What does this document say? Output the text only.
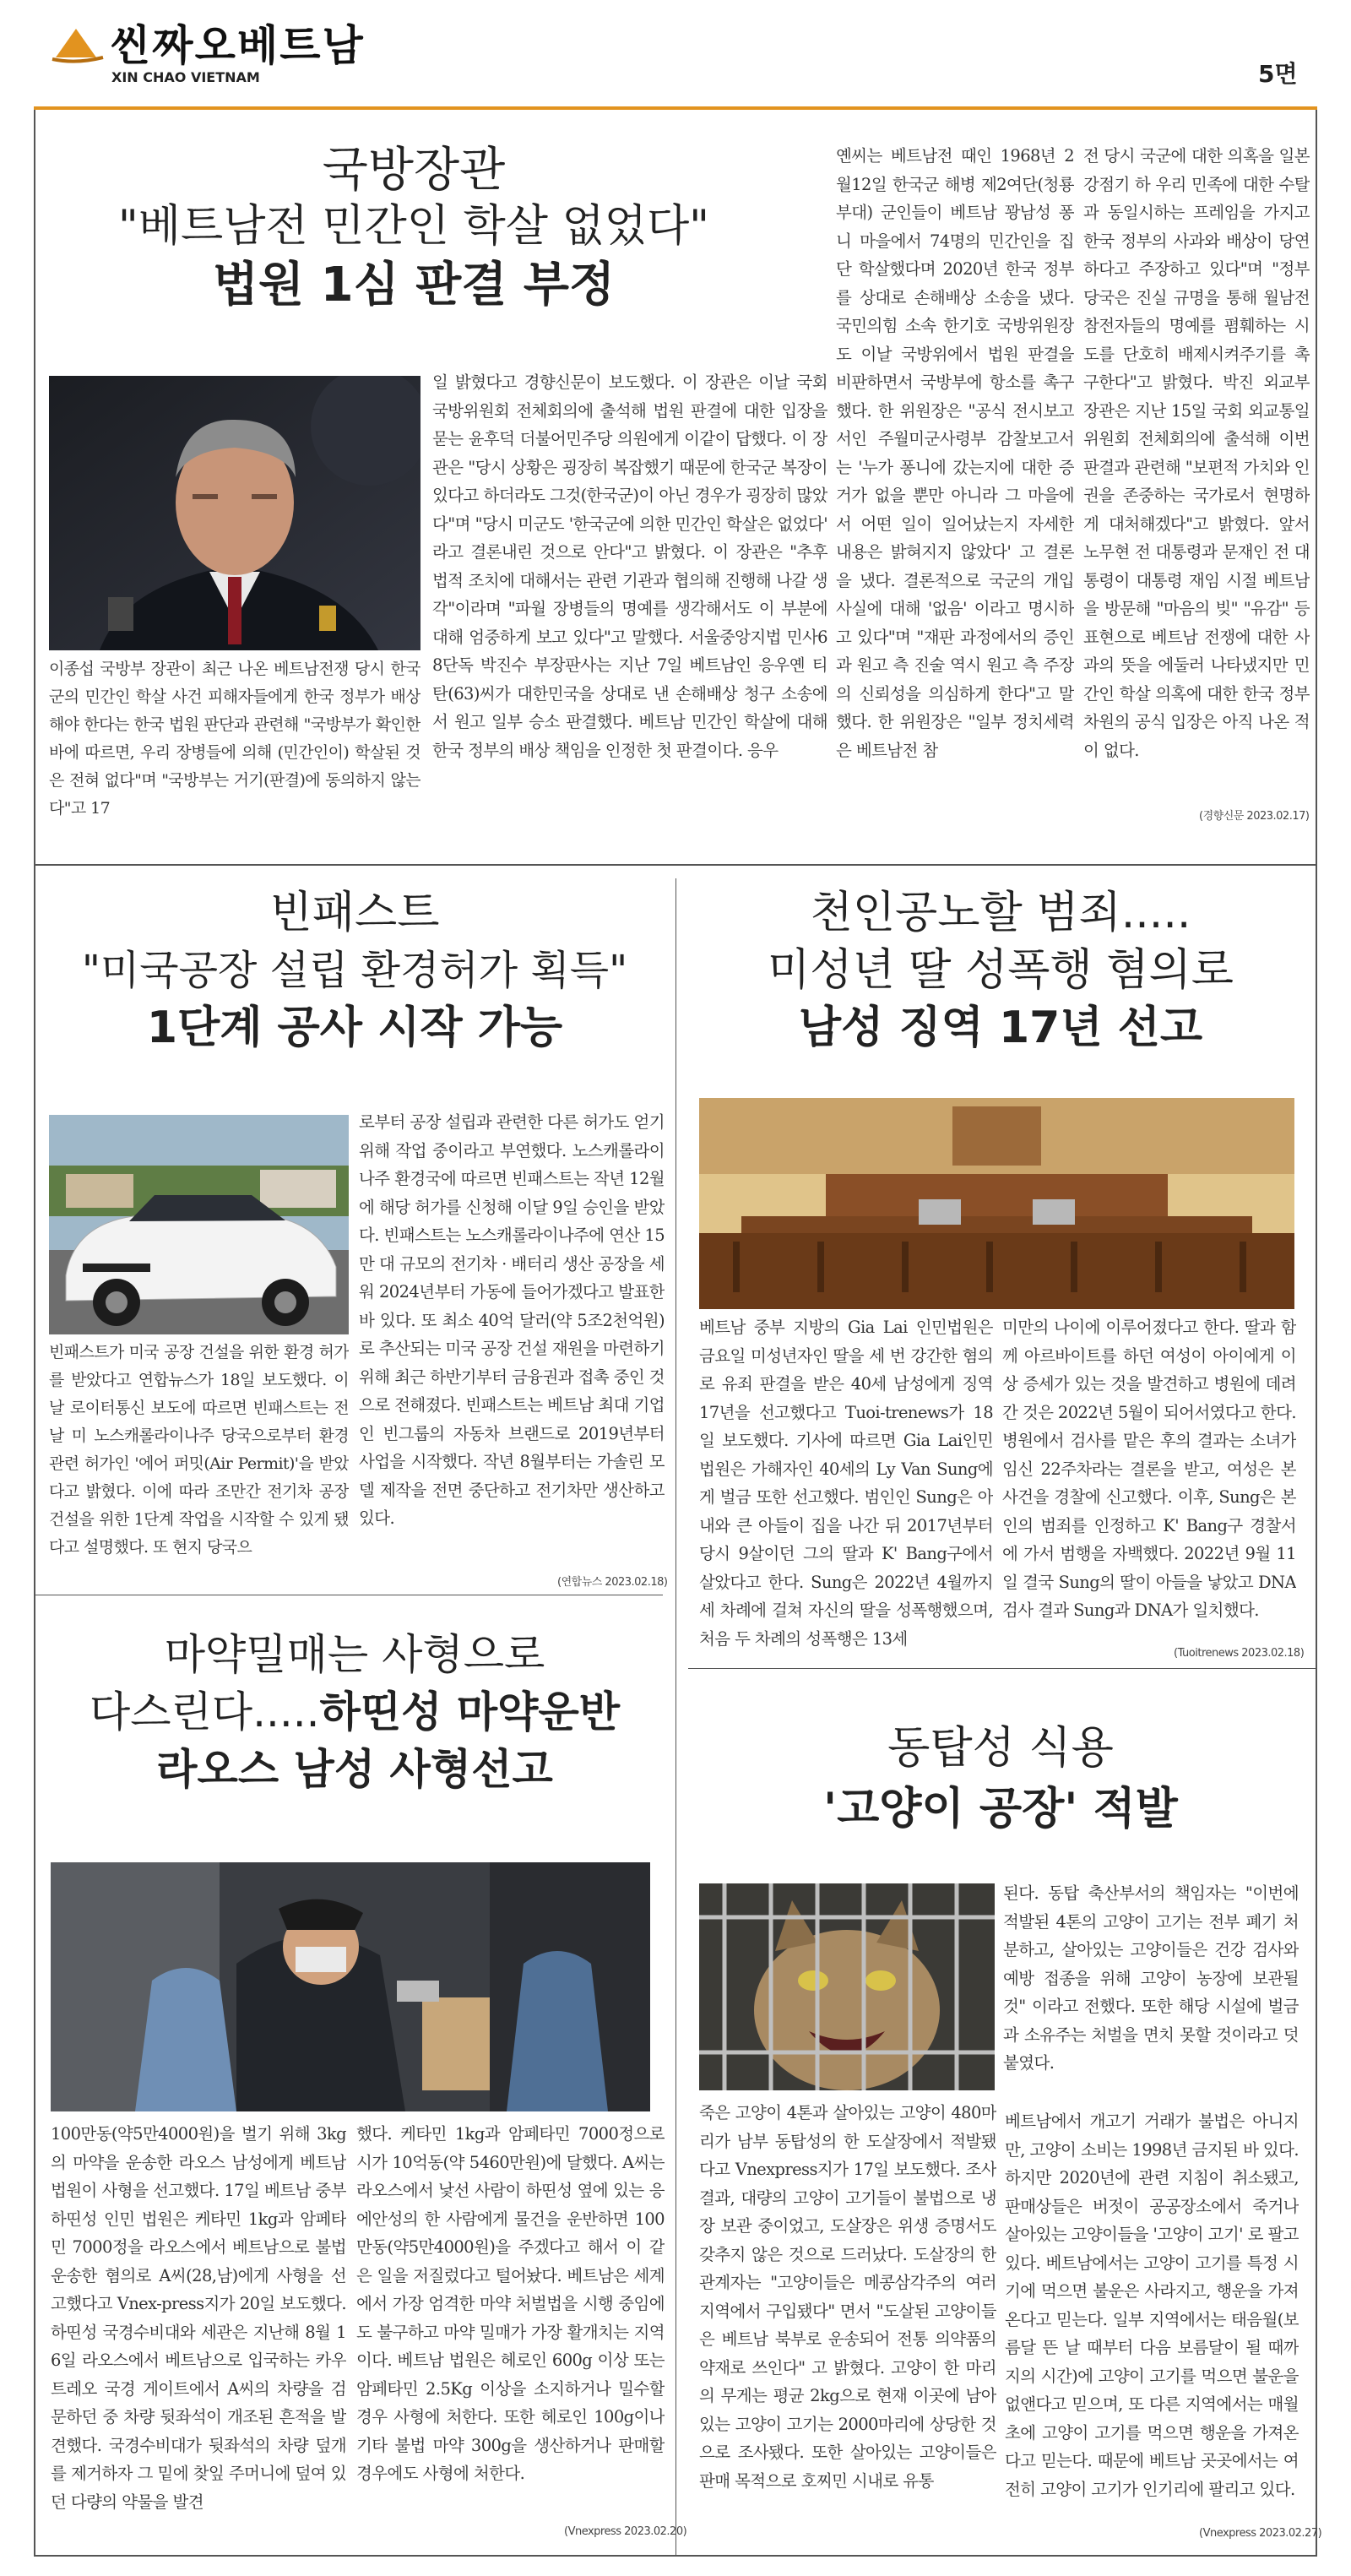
씬짜오베트남
XIN CHAO VIETNAM	5면
국방장관
"베트남전 민간인 학살 없었다"
법원 1심 판결 부정
이종섭 국방부 장관이 최근 나온 베트남전쟁 당시 한국군의 민간인 학살 사건 피해자들에게 한국 정부가 배상해야 한다는 한국 법원 판단과 관련해 "국방부가 확인한 바에 따르면, 우리 장병들에 의해 (민간인이) 학살된 것은 전혀 없다"며 "국방부는 거기(판결)에 동의하지 않는다"고 17
일 밝혔다고 경향신문이 보도했다. 이 장관은 이날 국회 국방위원회 전체회의에 출석해 법원 판결에 대한 입장을 묻는 윤후덕 더불어민주당 의원에게 이같이 답했다. 이 장관은 "당시 상황은 굉장히 복잡했기 때문에 한국군 복장이 있다고 하더라도 그것(한국군)이 아닌 경우가 굉장히 많았다"며 "당시 미군도 '한국군에 의한 민간인 학살은 없었다' 라고 결론내린 것으로 안다"고 밝혔다. 이 장관은 "추후 법적 조치에 대해서는 관련 기관과 협의해 진행해 나갈 생각"이라며 "파월 장병들의 명예를 생각해서도 이 부분에 대해 엄중하게 보고 있다"고 말했다. 서울중앙지법 민사68단독 박진수 부장판사는 지난 7일 베트남인 응우옌 티 탄(63)씨가 대한민국을 상대로 낸 손해배상 청구 소송에서 원고 일부 승소 판결했다. 베트남 민간인 학살에 대해 한국 정부의 배상 책임을 인정한 첫 판결이다. 응우
옌씨는 베트남전 때인 1968년 2월12일 한국군 해병 제2여단(청룡부대) 군인들이 베트남 꽝남성 퐁니 마을에서 74명의 민간인을 집단 학살했다며 2020년 한국 정부를 상대로 손해배상 소송을 냈다. 국민의힘 소속 한기호 국방위원장도 이날 국방위에서 법원 판결을 비판하면서 국방부에 항소를 촉구했다. 한 위원장은 "공식 전시보고서인 주월미군사령부 감찰보고서는 '누가 퐁니에 갔는지에 대한 증거가 없을 뿐만 아니라 그 마을에서 어떤 일이 일어났는지 자세한 내용은 밝혀지지 않았다' 고 결론을 냈다. 결론적으로 국군의 개입 사실에 대해 '없음' 이라고 명시하고 있다"며 "재판 과정에서의 증인과 원고 측 진술 역시 원고 측 주장의 신뢰성을 의심하게 한다"고 말했다. 한 위원장은 "일부 정치세력은 베트남전 참
전 당시 국군에 대한 의혹을 일본 강점기 하 우리 민족에 대한 수탈과 동일시하는 프레임을 가지고 한국 정부의 사과와 배상이 당연하다고 주장하고 있다"며 "정부 당국은 진실 규명을 통해 월남전 참전자들의 명예를 폄훼하는 시도를 단호히 배제시켜주기를 촉구한다"고 밝혔다. 박진 외교부 장관은 지난 15일 국회 외교통일위원회 전체회의에 출석해 이번 판결과 관련해 "보편적 가치와 인권을 존중하는 국가로서 현명하게 대처해겠다"고 밝혔다. 앞서 노무현 전 대통령과 문재인 전 대통령이 대통령 재임 시절 베트남을 방문해 "마음의 빚" "유감" 등 표현으로 베트남 전쟁에 대한 사과의 뜻을 에둘러 나타냈지만 민간인 학살 의혹에 대한 한국 정부 차원의 공식 입장은 아직 나온 적이 없다.
(경향신문 2023.02.17)
빈패스트
"미국공장 설립 환경허가 획득"
1단계 공사 시작 가능
빈패스트가 미국 공장 건설을 위한 환경 허가를 받았다고 연합뉴스가 18일 보도했다. 이날 로이터통신 보도에 따르면 빈패스트는 전날 미 노스캐롤라이나주 당국으로부터 환경 관련 허가인 '에어 퍼밋(Air Permit)'을 받았다고 밝혔다. 이에 따라 조만간 전기차 공장 건설을 위한 1단계 작업을 시작할 수 있게 됐다고 설명했다. 또 현지 당국으
로부터 공장 설립과 관련한 다른 허가도 얻기 위해 작업 중이라고 부연했다. 노스캐롤라이나주 환경국에 따르면 빈패스트는 작년 12월에 해당 허가를 신청해 이달 9일 승인을 받았다. 빈패스트는 노스캐롤라이나주에 연산 15만 대 규모의 전기차 · 배터리 생산 공장을 세워 2024년부터 가동에 들어가겠다고 발표한 바 있다. 또 최소 40억 달러(약 5조2천억원)로 추산되는 미국 공장 건설 재원을 마련하기 위해 최근 하반기부터 금융권과 접촉 중인 것으로 전해졌다. 빈패스트는 베트남 최대 기업인 빈그룹의 자동차 브랜드로 2019년부터 사업을 시작했다. 작년 8월부터는 가솔린 모델 제작을 전면 중단하고 전기차만 생산하고 있다.
(연합뉴스 2023.02.18)
천인공노할 범죄.....
미성년 딸 성폭행 혐의로
남성 징역 17년 선고
베트남 중부 지방의 Gia Lai 인민법원은 금요일 미성년자인 딸을 세 번 강간한 혐의로 유죄 판결을 받은 40세 남성에게 징역 17년을 선고했다고 Tuoi-trenews가 18일 보도했다. 기사에 따르면 Gia Lai인민법원은 가해자인 40세의 Ly Van Sung에게 벌금 또한 선고했다. 범인인 Sung은 아내와 큰 아들이 집을 나간 뒤 2017년부터 당시 9살이던 그의 딸과 K' Bang구에서 살았다고 한다. Sung은 2022년 4월까지 세 차례에 걸쳐 자신의 딸을 성폭행했으며, 처음 두 차례의 성폭행은 13세
미만의 나이에 이루어졌다고 한다. 딸과 함께 아르바이트를 하던 여성이 아이에게 이상 증세가 있는 것을 발견하고 병원에 데려간 것은 2022년 5월이 되어서였다고 한다. 병원에서 검사를 맡은 후의 결과는 소녀가 임신 22주차라는 결론을 받고, 여성은 본 사건을 경찰에 신고했다. 이후, Sung은 본인의 범죄를 인정하고 K' Bang구 경찰서에 가서 범행을 자백했다. 2022년 9월 11일 결국 Sung의 딸이 아들을 낳았고 DNA검사 결과 Sung과 DNA가 일치했다.
(Tuoitrenews 2023.02.18)
마약밀매는 사형으로
다스린다.....하띤성 마약운반
라오스 남성 사형선고
100만동(약5만4000원)을 벌기 위해 3kg의 마약을 운송한 라오스 남성에게 베트남 법원이 사형을 선고했다. 17일 베트남 중부 하띤성 인민 법원은 케타민 1kg과 암페타민 7000정을 라오스에서 베트남으로 불법 운송한 혐의로 A씨(28,남)에게 사형을 선고했다고 Vnex-press지가 20일 보도했다. 하띤성 국경수비대와 세관은 지난해 8월 16일 라오스에서 베트남으로 입국하는 카우트레오 국경 게이트에서 A씨의 차량을 검문하던 중 차량 뒷좌석이 개조된 흔적을 발견했다. 국경수비대가 뒷좌석의 차량 덮개를 제거하자 그 밑에 찾잎 주머니에 덮여 있던 다량의 약물을 발견
했다. 케타민 1kg과 암페타민 7000정으로 시가 10억동(약 5460만원)에 달했다. A씨는 라오스에서 낯선 사람이 하띤성 옆에 있는 응에안성의 한 사람에게 물건을 운반하면 100만동(약5만4000원)을 주겠다고 해서 이 같은 일을 저질렀다고 털어놨다. 베트남은 세계에서 가장 엄격한 마약 처벌법을 시행 중임에도 불구하고 마약 밀매가 가장 활개치는 지역이다. 베트남 법원은 헤로인 600g 이상 또는 암페타민 2.5Kg 이상을 소지하거나 밀수할 경우 사형에 처한다. 또한 헤로인 100g이나 기타 불법 마약 300g을 생산하거나 판매할 경우에도 사형에 처한다.
(Vnexpress 2023.02.20)
동탑성 식용
'고양이 공장' 적발
된다. 동탑 축산부서의 책임자는 "이번에 적발된 4톤의 고양이 고기는 전부 폐기 처분하고, 살아있는 고양이들은 건강 검사와 예방 접종을 위해 고양이 농장에 보관될 것" 이라고 전했다. 또한 해당 시설에 벌금과 소유주는 처벌을 면치 못할 것이라고 덧붙였다.
죽은 고양이 4톤과 살아있는 고양이 480마리가 남부 동탑성의 한 도살장에서 적발됐다고 Vnexpress지가 17일 보도했다. 조사 결과, 대량의 고양이 고기들이 불법으로 냉장 보관 중이었고, 도살장은 위생 증명서도 갖추지 않은 것으로 드러났다. 도살장의 한 관계자는 "고양이들은 메콩삼각주의 여러 지역에서 구입됐다" 면서 "도살된 고양이들은 베트남 북부로 운송되어 전통 의약품의 약재로 쓰인다" 고 밝혔다. 고양이 한 마리의 무게는 평균 2kg으로 현재 이곳에 남아 있는 고양이 고기는 2000마리에 상당한 것으로 조사됐다. 또한 살아있는 고양이들은 판매 목적으로 호찌민 시내로 유통
베트남에서 개고기 거래가 불법은 아니지만, 고양이 소비는 1998년 금지된 바 있다. 하지만 2020년에 관련 지침이 취소됐고, 판매상들은 버젓이 공공장소에서 죽거나 살아있는 고양이들을 '고양이 고기' 로 팔고 있다. 베트남에서는 고양이 고기를 특정 시기에 먹으면 불운은 사라지고, 행운을 가져온다고 믿는다. 일부 지역에서는 태음월(보름달 뜬 날 때부터 다음 보름달이 될 때까지의 시간)에 고양이 고기를 먹으면 불운을 없앤다고 믿으며, 또 다른 지역에서는 매월 초에 고양이 고기를 먹으면 행운을 가져온다고 믿는다. 때문에 베트남 곳곳에서는 여전히 고양이 고기가 인기리에 팔리고 있다.
(Vnexpress 2023.02.27)
